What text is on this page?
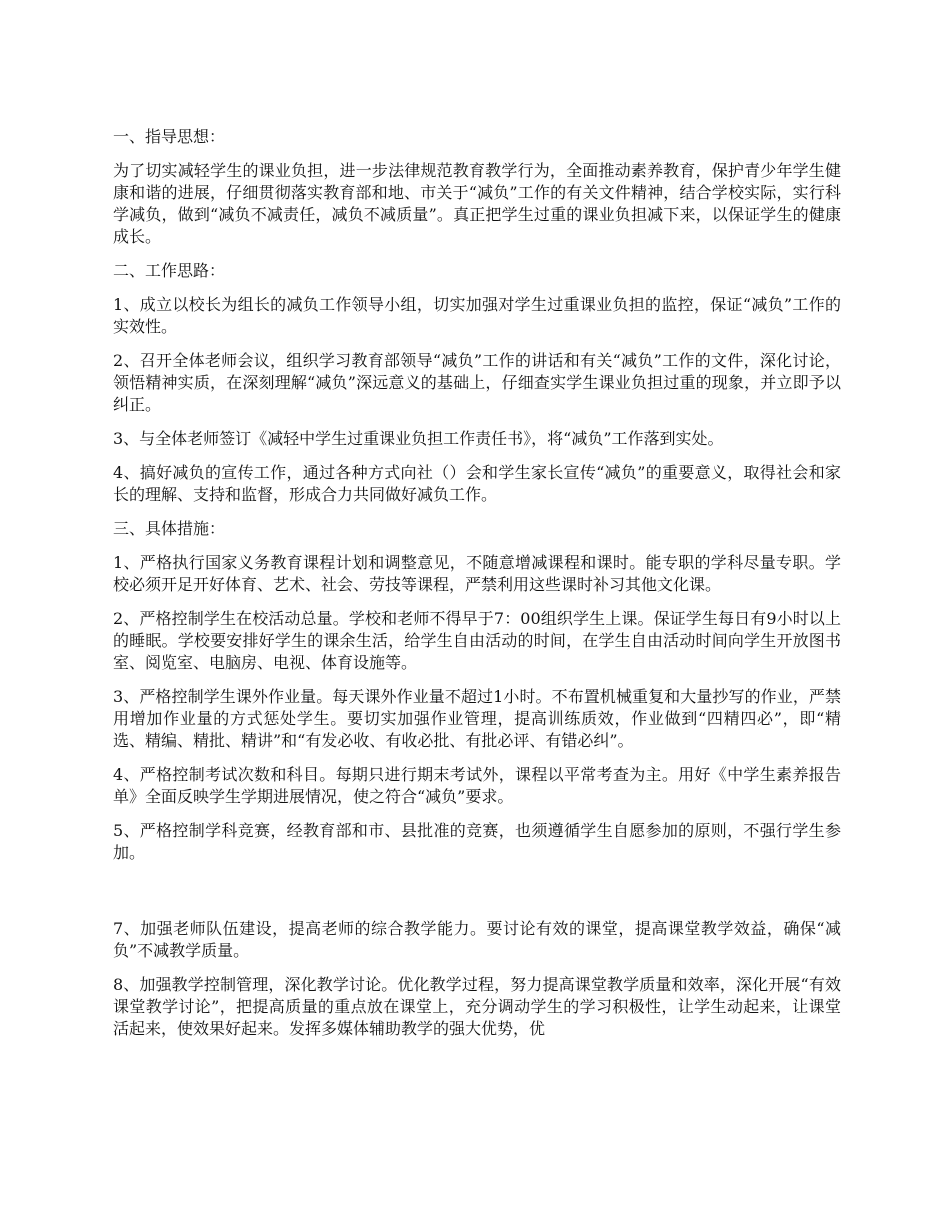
一、指导思想：

为了切实减轻学生的课业负担，进一步法律规范教育教学行为，全面推动素养教育，保护青少年学生健康和谐的进展，仔细贯彻落实教育部和地、市关于“减负”工作的有关文件精神，结合学校实际，实行科学减负，做到“减负不减责任，减负不减质量”。真正把学生过重的课业负担减下来，以保证学生的健康成长。

二、工作思路：

1、成立以校长为组长的减负工作领导小组，切实加强对学生过重课业负担的监控，保证“减负”工作的实效性。

2、召开全体老师会议，组织学习教育部领导“减负”工作的讲话和有关“减负”工作的文件，深化讨论，领悟精神实质，在深刻理解“减负”深远意义的基础上，仔细查实学生课业负担过重的现象，并立即予以纠正。

3、与全体老师签订《减轻中学生过重课业负担工作责任书》，将“减负”工作落到实处。

4、搞好减负的宣传工作，通过各种方式向社（）会和学生家长宣传“减负”的重要意义，取得社会和家长的理解、支持和监督，形成合力共同做好减负工作。

三、具体措施：

1、严格执行国家义务教育课程计划和调整意见，不随意增减课程和课时。能专职的学科尽量专职。学校必须开足开好体育、艺术、社会、劳技等课程，严禁利用这些课时补习其他文化课。

2、严格控制学生在校活动总量。学校和老师不得早于7：00组织学生上课。保证学生每日有9小时以上的睡眠。学校要安排好学生的课余生活，给学生自由活动的时间，在学生自由活动时间向学生开放图书室、阅览室、电脑房、电视、体育设施等。

3、严格控制学生课外作业量。每天课外作业量不超过1小时。不布置机械重复和大量抄写的作业，严禁用增加作业量的方式惩处学生。要切实加强作业管理，提高训练质效，作业做到“四精四必”，即“精选、精编、精批、精讲”和“有发必收、有收必批、有批必评、有错必纠”。

4、严格控制考试次数和科目。每期只进行期末考试外，课程以平常考查为主。用好《中学生素养报告单》全面反映学生学期进展情况，使之符合“减负”要求。

5、严格控制学科竞赛，经教育部和市、县批准的竞赛，也须遵循学生自愿参加的原则，不强行学生参加。

7、加强老师队伍建设，提高老师的综合教学能力。要讨论有效的课堂，提高课堂教学效益，确保“减负”不减教学质量。

8、加强教学控制管理，深化教学讨论。优化教学过程，努力提高课堂教学质量和效率，深化开展“有效课堂教学讨论”，把提高质量的重点放在课堂上，充分调动学生的学习积极性，让学生动起来，让课堂活起来，使效果好起来。发挥多媒体辅助教学的强大优势，优
